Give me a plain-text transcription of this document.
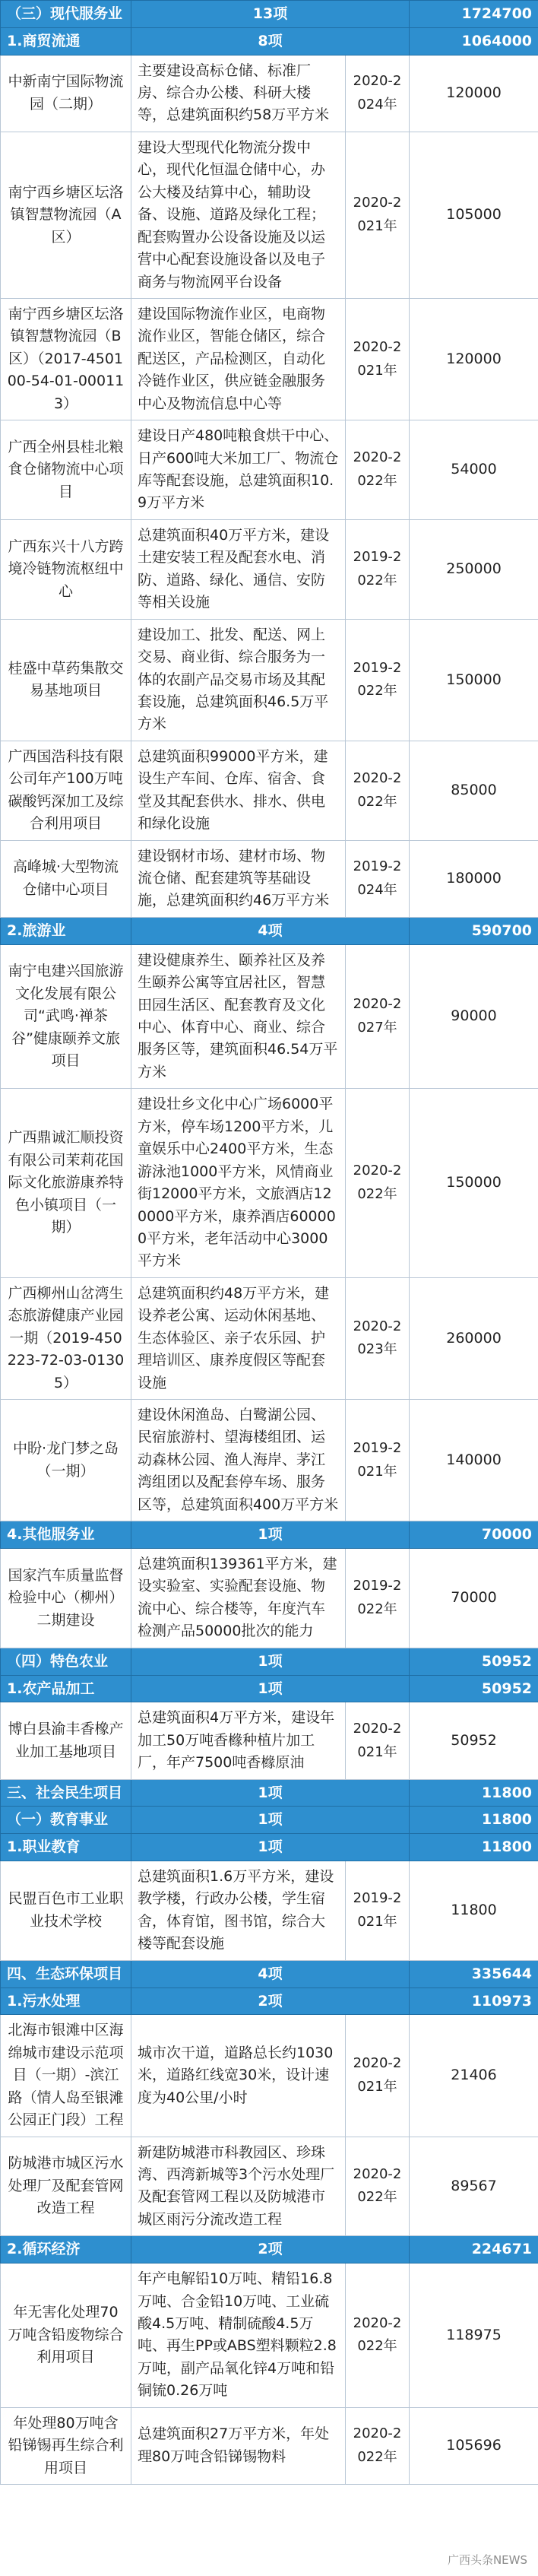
（三）现代服务业	13项		1724700
1.商贸流通	8项		1064000
中新南宁国际物流园（二期）	主要建设高标仓储、标准厂房、综合办公楼、科研大楼等，总建筑面积约58万平方米	2020-2024年	120000
南宁西乡塘区坛洛镇智慧物流园（A区）	建设大型现代化物流分拨中心，现代化恒温仓储中心，办公大楼及结算中心，辅助设备、设施、道路及绿化工程；配套购置办公设备设施及以运营中心配套设施设备以及电子商务与物流网平台设备	2020-2021年	105000
南宁西乡塘区坛洛镇智慧物流园（B区）（2017-450100-54-01-000113）	建设国际物流作业区，电商物流作业区，智能仓储区，综合配送区，产品检测区，自动化冷链作业区，供应链金融服务中心及物流信息中心等	2020-2021年	120000
广西全州县桂北粮食仓储物流中心项目	建设日产480吨粮食烘干中心、日产600吨大米加工厂、物流仓库等配套设施，总建筑面积10.9万平方米	2020-2022年	54000
广西东兴十八方跨境冷链物流枢纽中心	总建筑面积40万平方米，建设土建安装工程及配套水电、消防、道路、绿化、通信、安防等相关设施	2019-2022年	250000
桂盛中草药集散交易基地项目	建设加工、批发、配送、网上交易、商业街、综合服务为一体的农副产品交易市场及其配套设施，总建筑面积46.5万平方米	2019-2022年	150000
广西国浩科技有限公司年产100万吨碳酸钙深加工及综合利用项目	总建筑面积99000平方米，建设生产车间、仓库、宿舍、食堂及其配套供水、排水、供电和绿化设施	2020-2022年	85000
高峰城·大型物流仓储中心项目	建设钢材市场、建材市场、物流仓储、配套建筑等基础设施，总建筑面积约46万平方米	2019-2024年	180000
2.旅游业	4项		590700
南宁电建兴国旅游文化发展有限公司“武鸣·禅茶谷”健康颐养文旅项目	建设健康养生、颐养社区及养生颐养公寓等宜居社区，智慧田园生活区、配套教育及文化中心、体育中心、商业、综合服务区等，建筑面积46.54万平方米	2020-2027年	90000
广西鼎诚汇顺投资有限公司茉莉花国际文化旅游康养特色小镇项目（一期）	建设壮乡文化中心广场6000平方米，停车场1200平方米，儿童娱乐中心2400平方米，生态游泳池1000平方米，风情商业街12000平方米，文旅酒店120000平方米，康养酒店600000平方米，老年活动中心3000平方米	2020-2022年	150000
广西柳州山岔湾生态旅游健康产业园一期（2019-450223-72-03-01305）	总建筑面积约48万平方米，建设养老公寓、运动休闲基地、生态体验区、亲子农乐园、护理培训区、康养度假区等配套设施	2020-2023年	260000
中盼·龙门梦之岛（一期）	建设休闲渔岛、白鹭湖公园、民宿旅游村、望海楼组团、运动森林公园、渔人海岸、茅江湾组团以及配套停车场、服务区等，总建筑面积400万平方米	2019-2021年	140000
4.其他服务业	1项		70000
国家汽车质量监督检验中心（柳州）二期建设	总建筑面积139361平方米，建设实验室、实验配套设施、物流中心、综合楼等，年度汽车检测产品50000批次的能力	2019-2022年	70000
（四）特色农业	1项		50952
1.农产品加工	1项		50952
博白县渝丰香橡产业加工基地项目	总建筑面积4万平方米，建设年加工50万吨香橼种植片加工厂，年产7500吨香橼原油	2020-2021年	50952
三、社会民生项目	1项		11800
（一）教育事业	1项		11800
1.职业教育	1项		11800
民盟百色市工业职业技术学校	总建筑面积1.6万平方米，建设教学楼，行政办公楼，学生宿舍，体育馆，图书馆，综合大楼等配套设施	2019-2021年	11800
四、生态环保项目	4项		335644
1.污水处理	2项		110973
北海市银滩中区海绵城市建设示范项目（一期）-滨江路（情人岛至银滩公园正门段）工程	城市次干道，道路总长约1030米，道路红线宽30米，设计速度为40公里/小时	2020-2021年	21406
防城港市城区污水处理厂及配套管网改造工程	新建防城港市科教园区、珍珠湾、西湾新城等3个污水处理厂及配套管网工程以及防城港市城区雨污分流改造工程	2020-2022年	89567
2.循环经济	2项		224671
年无害化处理70万吨含铅废物综合利用项目	年产电解铅10万吨、精铅16.8万吨、合金铅10万吨、工业硫酸4.5万吨、精制硫酸4.5万吨、再生PP或ABS塑料颗粒2.8万吨，副产品氧化锌4万吨和铅铜锍0.26万吨	2020-2022年	118975
年处理80万吨含铅锑锡再生综合利用项目	总建筑面积27万平方米，年处理80万吨含铅锑锡物料	2020-2022年	105696
广西头条NEWS
